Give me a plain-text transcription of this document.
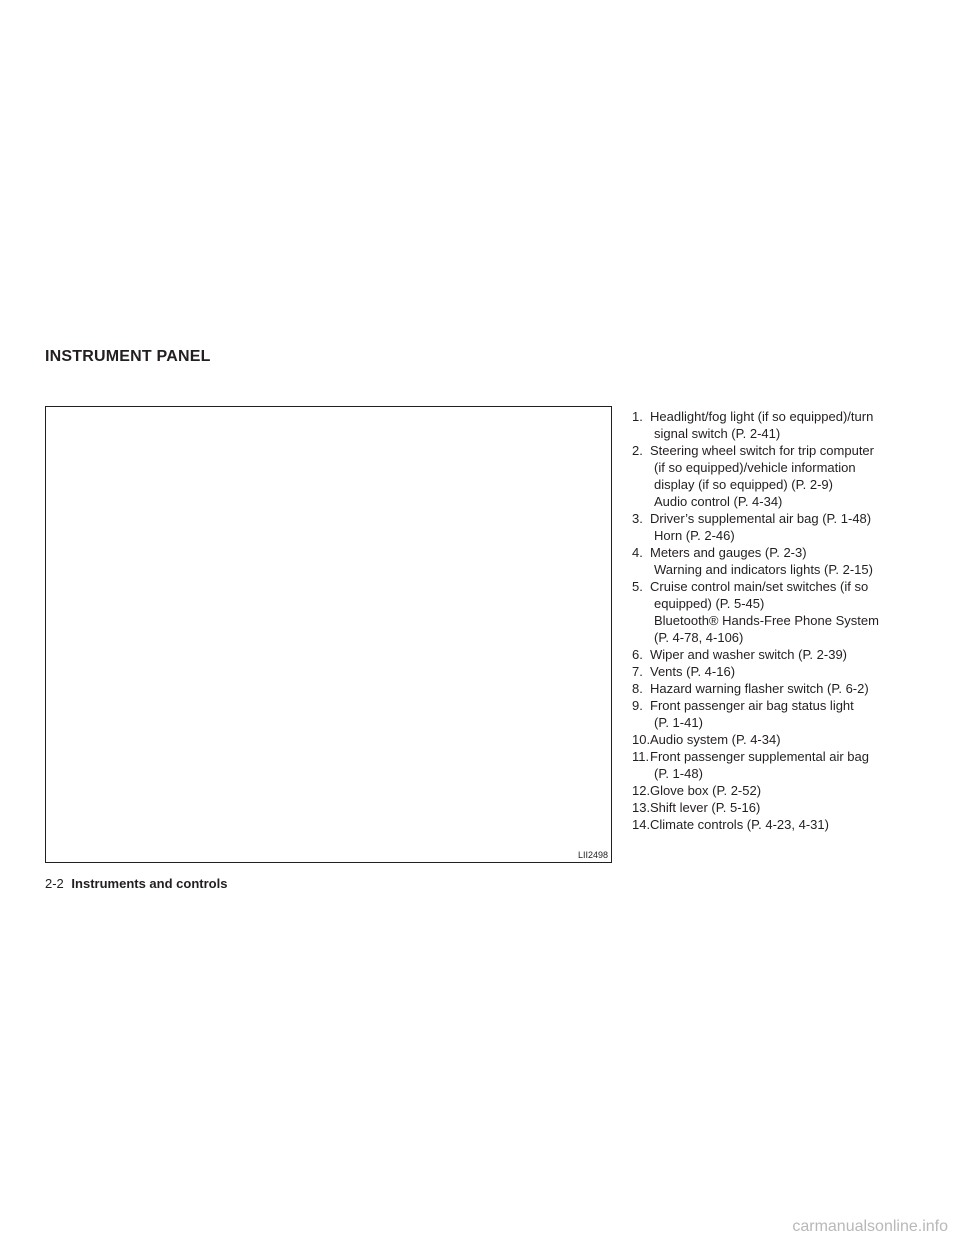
INSTRUMENT PANEL
LII2498
1. Headlight/fog light (if so equipped)/turn
signal switch (P. 2-41)
2. Steering wheel switch for trip computer
(if so equipped)/vehicle information
display (if so equipped) (P. 2-9)
Audio control (P. 4-34)
3. Driver’s supplemental air bag (P. 1-48)
Horn (P. 2-46)
4. Meters and gauges (P. 2-3)
Warning and indicators lights (P. 2-15)
5. Cruise control main/set switches (if so
equipped) (P. 5-45)
Bluetooth® Hands-Free Phone System
(P. 4-78, 4-106)
6. Wiper and washer switch (P. 2-39)
7. Vents (P. 4-16)
8. Hazard warning flasher switch (P. 6-2)
9. Front passenger air bag status light
(P. 1-41)
10. Audio system (P. 4-34)
11. Front passenger supplemental air bag
(P. 1-48)
12. Glove box (P. 2-52)
13. Shift lever (P. 5-16)
14. Climate controls (P. 4-23, 4-31)
2-2 Instruments and controls
carmanualsonline.info
